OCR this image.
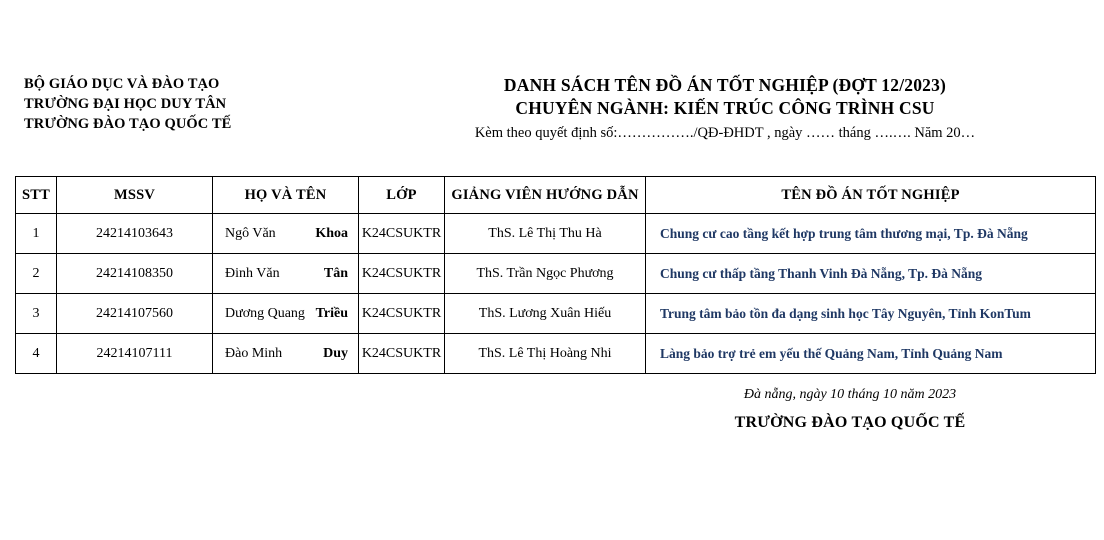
BỘ GIÁO DỤC VÀ ĐÀO TẠO
TRƯỜNG ĐẠI HỌC DUY TÂN
TRƯỜNG ĐÀO TẠO QUỐC TẾ
DANH SÁCH TÊN ĐỒ ÁN TỐT NGHIỆP (ĐỢT 12/2023)
CHUYÊN NGÀNH: KIẾN TRÚC CÔNG TRÌNH CSU
Kèm theo quyết định số:……………./QĐ-ĐHDT , ngày …… tháng ….…. Năm 20…
STT	MSSV	HỌ VÀ TÊN	LỚP	GIẢNG VIÊN HƯỚNG DẪN	TÊN ĐỒ ÁN TỐT NGHIỆP
1	24214103643	Ngô Văn Khoa	K24CSUKTR	ThS. Lê Thị Thu Hà	Chung cư cao tầng kết hợp trung tâm thương mại, Tp. Đà Nẵng

2	24214108350	Đinh Văn Tân	K24CSUKTR	ThS. Trần Ngọc Phương	Chung cư thấp tầng Thanh Vinh Đà Nẵng, Tp. Đà Nẵng

3	24214107560	Dương Quang Triều	K24CSUKTR	ThS. Lương Xuân Hiếu	Trung tâm bảo tồn đa dạng sinh học Tây Nguyên, Tỉnh KonTum

4	24214107111	Đào Minh Duy	K24CSUKTR	ThS. Lê Thị Hoàng Nhi	Làng bảo trợ trẻ em yếu thế Quảng Nam, Tỉnh Quảng Nam
Đà nẵng, ngày 10 tháng 10 năm 2023
TRƯỜNG ĐÀO TẠO QUỐC TẾ
